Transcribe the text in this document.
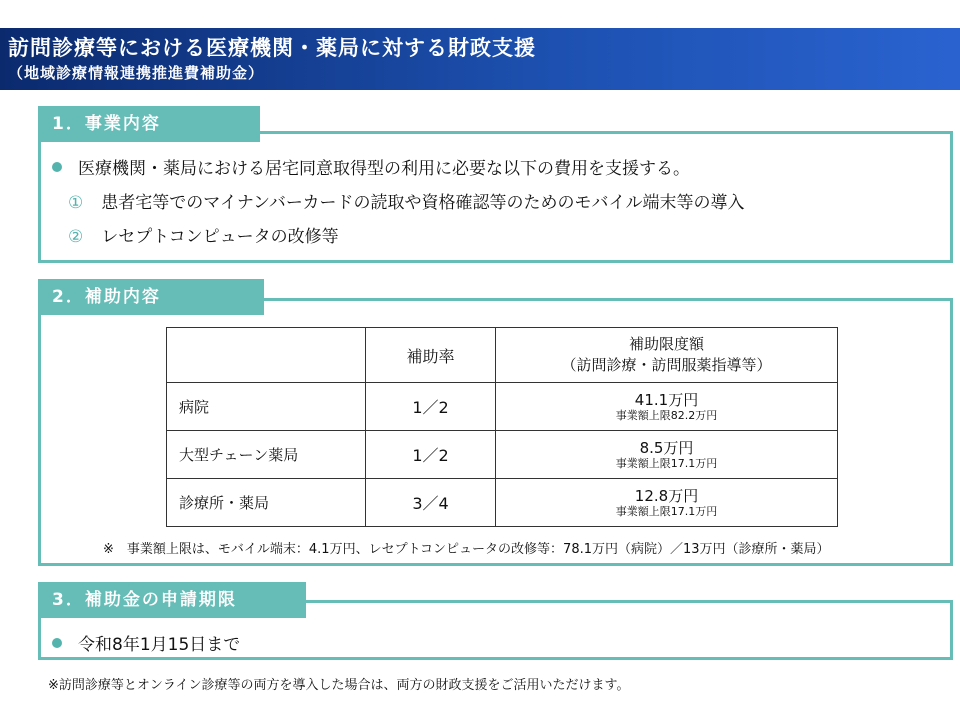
訪問診療等における医療機関・薬局に対する財政支援
（地域診療情報連携推進費補助金）
1．事業内容
医療機関・薬局における居宅同意取得型の利用に必要な以下の費用を支援する。
① 患者宅等でのマイナンバーカードの読取や資格確認等のためのモバイル端末等の導入
② レセプトコンピュータの改修等
2．補助内容
	補助率	補助限度額
（訪問診療・訪問服薬指導等）

病院	1／2	41.1万円
事業額上限82.2万円

大型チェーン薬局	1／2	8.5万円
事業額上限17.1万円

診療所・薬局	3／4	12.8万円
事業額上限17.1万円
※　事業額上限は、モバイル端末：4.1万円、レセプトコンピュータの改修等：78.1万円（病院）／13万円（診療所・薬局）
3．補助金の申請期限
令和8年1月15日まで
※訪問診療等とオンライン診療等の両方を導入した場合は、両方の財政支援をご活用いただけます。
